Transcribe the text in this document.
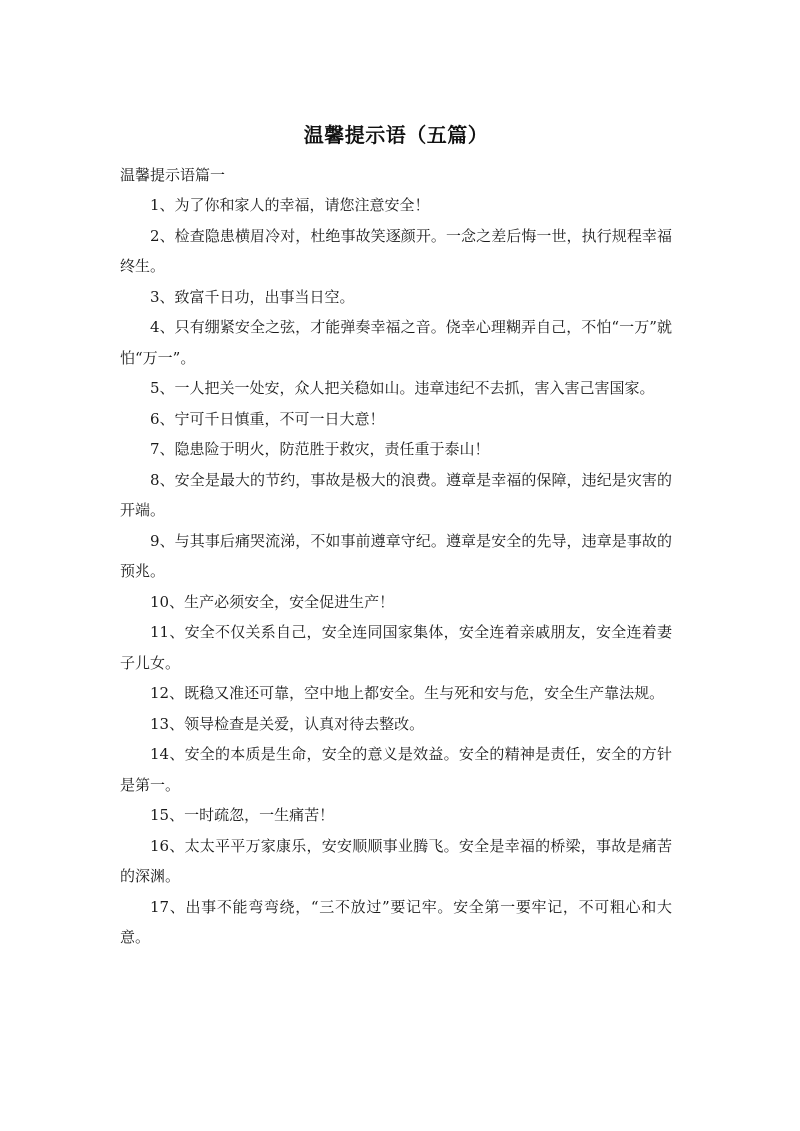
温馨提示语（五篇）
温馨提示语篇一

1、为了你和家人的幸福，请您注意安全！

2、检查隐患横眉冷对，杜绝事故笑逐颜开。一念之差后悔一世，执行规程幸福终生。

3、致富千日功，出事当日空。

4、只有绷紧安全之弦，才能弹奏幸福之音。侥幸心理糊弄自己，不怕“一万”就怕“万一”。

5、一人把关一处安，众人把关稳如山。违章违纪不去抓，害入害己害国家。

6、宁可千日慎重，不可一日大意！

7、隐患险于明火，防范胜于救灾，责任重于泰山！

8、安全是最大的节约，事故是极大的浪费。遵章是幸福的保障，违纪是灾害的开端。

9、与其事后痛哭流涕，不如事前遵章守纪。遵章是安全的先导，违章是事故的预兆。

10、生产必须安全，安全促进生产！

11、安全不仅关系自己，安全连同国家集体，安全连着亲戚朋友，安全连着妻子儿女。

12、既稳又准还可靠，空中地上都安全。生与死和安与危，安全生产靠法规。

13、领导检查是关爱，认真对待去整改。

14、安全的本质是生命，安全的意义是效益。安全的精神是责任，安全的方针是第一。

15、一时疏忽，一生痛苦！

16、太太平平万家康乐，安安顺顺事业腾飞。安全是幸福的桥梁，事故是痛苦的深渊。

17、出事不能弯弯绕，“三不放过”要记牢。安全第一要牢记，不可粗心和大意。
